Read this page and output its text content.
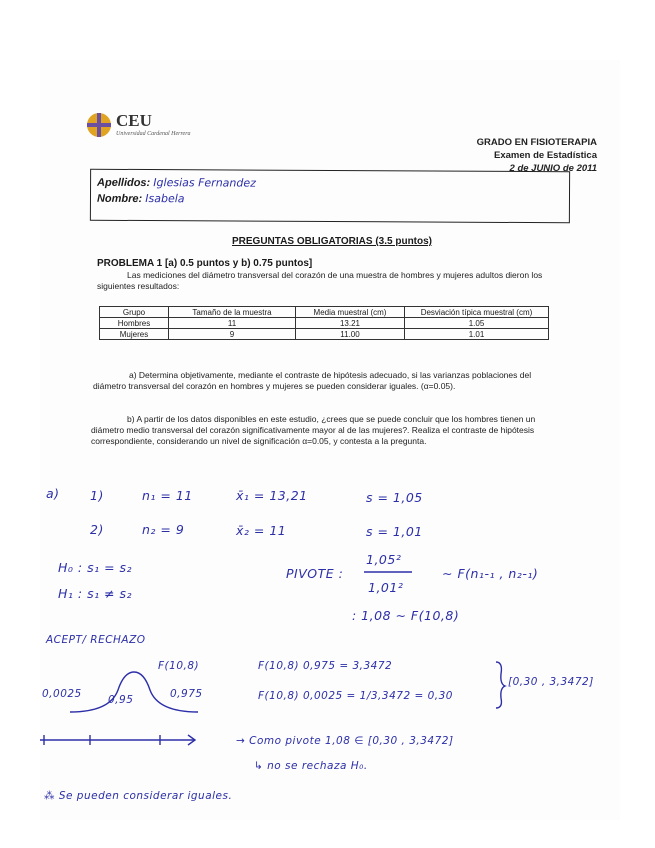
CEU
Universidad Cardenal Herrera
GRADO EN FISIOTERAPIA
Examen de Estadística
2 de JUNIO de 2011
Apellidos: Iglesias Fernandez
Nombre: Isabela
PREGUNTAS OBLIGATORIAS (3.5 puntos)
PROBLEMA 1 [a) 0.5 puntos y b) 0.75 puntos]
Las mediciones del diámetro transversal del corazón de una muestra de hombres y mujeres adultos dieron los siguientes resultados:
Grupo	Tamaño de la muestra	Media muestral (cm)	Desviación típica muestral (cm)
Hombres	11	13.21	1.05
Mujeres	9	11.00	1.01
a) Determina objetivamente, mediante el contraste de hipótesis adecuado, si las varianzas poblaciones del diámetro transversal del corazón en hombres y mujeres se pueden considerar iguales. (α=0.05).
b) A partir de los datos disponibles en este estudio, ¿crees que se puede concluir que los hombres tienen un diámetro medio transversal del corazón significativamente mayor al de las mujeres?. Realiza el contraste de hipótesis correspondiente, considerando un nivel de significación α=0.05, y contesta a la pregunta.
a) 1)	n₁ = 11	x̄₁ = 13,21	s = 1,05
2)	n₂ = 9	x̄₂ = 11	s = 1,01
H₀ : s₁ = s₂
H₁ : s₁ ≠ s₂
PIVOTE :
1,05²
1,01²
∼ F(n₁-₁ , n₂-₁)
: 1,08 ∼ F(10,8)
ACEPT/ RECHAZO
F(10,8)
0,0025	0,95	0,975
F(10,8) 0,975 = 3,3472
F(10,8) 0,0025 = 1/3,3472 = 0,30
[0,30 , 3,3472]
→ Como pivote 1,08 ∈ [0,30 , 3,3472]
↳ no se rechaza H₀.
⁂ Se pueden considerar iguales.
